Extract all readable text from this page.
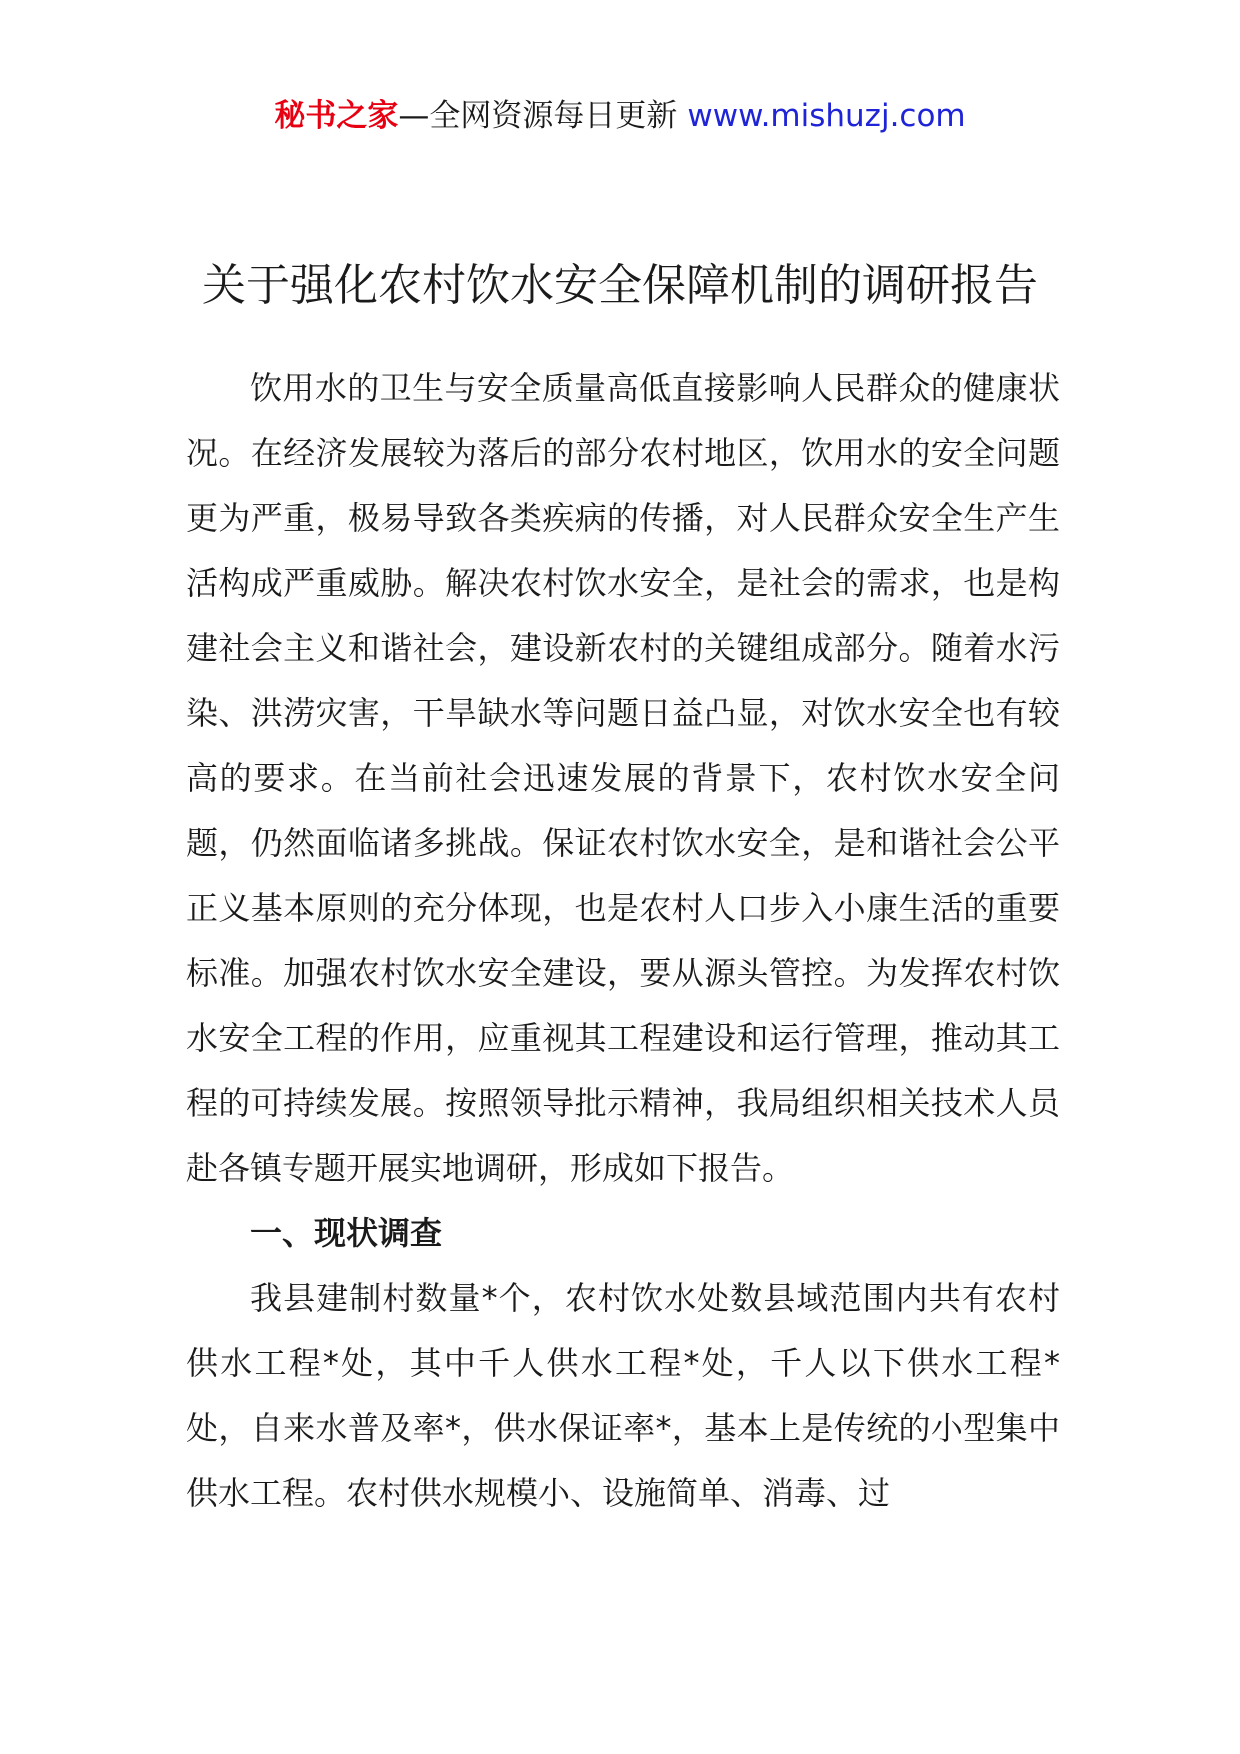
秘书之家—全网资源每日更新 www.mishuzj.com
关于强化农村饮水安全保障机制的调研报告

饮用水的卫生与安全质量高低直接影响人民群众的健康状况。在经济发展较为落后的部分农村地区，饮用水的安全问题更为严重，极易导致各类疾病的传播，对人民群众安全生产生活构成严重威胁。解决农村饮水安全，是社会的需求，也是构建社会主义和谐社会，建设新农村的关键组成部分。随着水污染、洪涝灾害，干旱缺水等问题日益凸显，对饮水安全也有较高的要求。在当前社会迅速发展的背景下，农村饮水安全问题，仍然面临诸多挑战。保证农村饮水安全，是和谐社会公平正义基本原则的充分体现，也是农村人口步入小康生活的重要标准。加强农村饮水安全建设，要从源头管控。为发挥农村饮水安全工程的作用，应重视其工程建设和运行管理，推动其工程的可持续发展。按照领导批示精神，我局组织相关技术人员赴各镇专题开展实地调研，形成如下报告。

一、现状调查

我县建制村数量*个，农村饮水处数县域范围内共有农村供水工程*处，其中千人供水工程*处，千人以下供水工程*处，自来水普及率*，供水保证率*，基本上是传统的小型集中供水工程。农村供水规模小、设施简单、消毒、过
